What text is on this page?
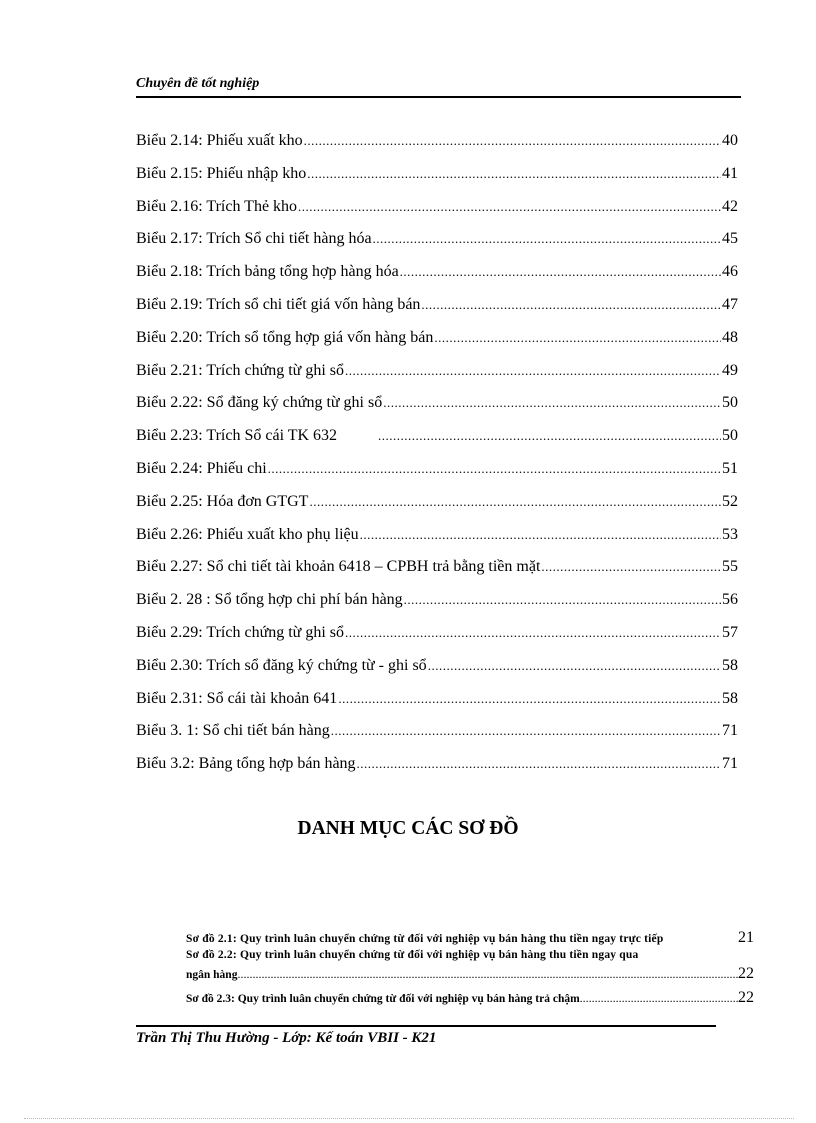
Chuyên đề tốt nghiệp
Biểu 2.14: Phiếu xuất kho .....	40
Biểu 2.15: Phiếu nhập kho .....	41
Biểu 2.16: Trích Thẻ kho .....	42
Biểu 2.17: Trích Sổ chi tiết hàng hóa .....	45
Biểu 2.18: Trích bảng tổng hợp hàng hóa .....	46
Biểu 2.19: Trích sổ chi tiết giá vốn hàng bán .....	47
Biểu 2.20: Trích sổ tổng hợp giá vốn hàng bán .....	48
Biểu 2.21: Trích chứng từ ghi sổ .....	49
Biểu 2.22: Sổ đăng ký chứng từ ghi sổ .....	50
Biểu 2.23: Trích Sổ cái TK 632 .....	50
Biểu 2.24: Phiếu chi .....	51
Biểu 2.25: Hóa đơn GTGT .....	52
Biểu 2.26: Phiếu xuất kho phụ liệu .....	53
Biểu 2.27: Sổ chi tiết tài khoản 6418 – CPBH trả bằng tiền mặt .....	55
Biểu 2. 28 : Sổ tổng hợp chi phí bán hàng .....	56
Biểu 2.29: Trích chứng từ ghi sổ .....	57
Biểu 2.30: Trích sổ đăng ký chứng từ - ghi sổ .....	58
Biểu 2.31: Sổ cái tài khoản 641 .....	58
Biểu 3. 1: Sổ chi tiết bán hàng .....	71
Biểu 3.2: Bảng tổng hợp bán hàng .....	71
DANH MỤC CÁC SƠ ĐỒ
Sơ đồ 2.1: Quy trình luân chuyển chứng từ đối với nghiệp vụ bán hàng thu tiền ngay trực tiếp	21
Sơ đồ 2.2: Quy trình luân chuyển chứng từ đối với nghiệp vụ bán hàng thu tiền ngay qua
ngân hàng .....	22
Sơ đồ 2.3: Quy trình luân chuyển chứng từ đối với nghiệp vụ bán hàng trả chậm .....	22
Trần Thị Thu Hường - Lớp: Kế toán VBII - K21
